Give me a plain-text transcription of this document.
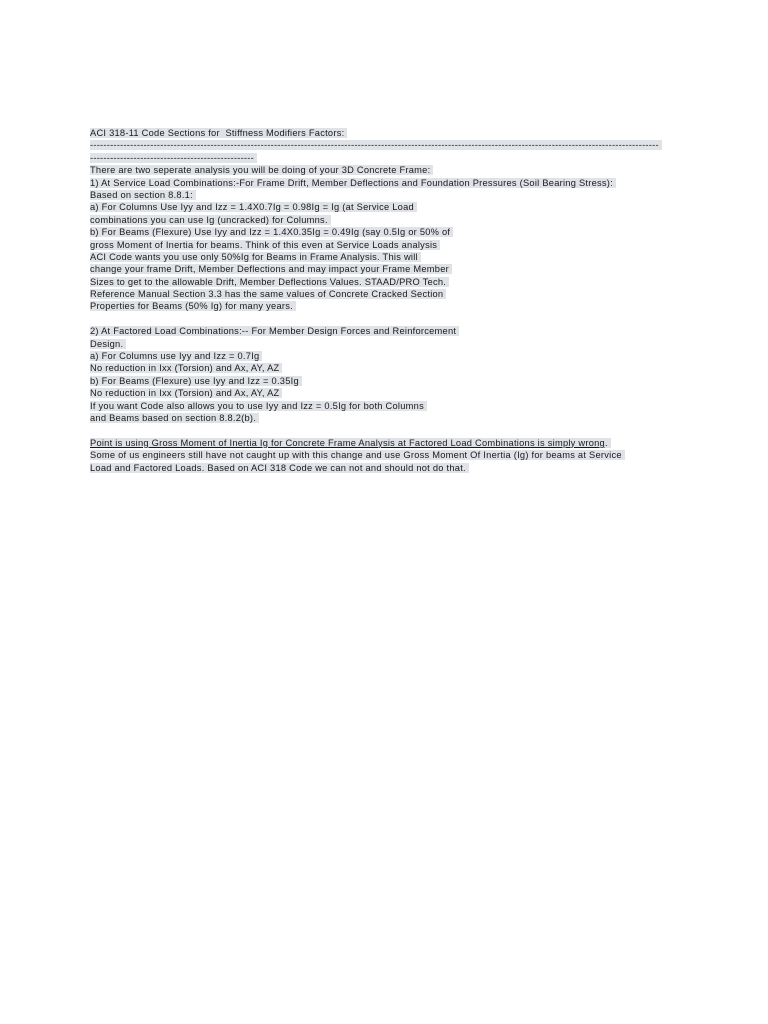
ACI 318-11 Code Sections for  Stiffness Modifiers Factors:
--------------------------------------------------------------------------------------------------------------------------------------------------------------------------
-------------------------------------------------
There are two seperate analysis you will be doing of your 3D Concrete Frame:
1) At Service Load Combinations:-For Frame Drift, Member Deflections and Foundation Pressures (Soil Bearing Stress):
Based on section 8.8.1:
a) For Columns Use Iyy and Izz = 1.4X0.7Ig = 0.98Ig = Ig (at Service Load
combinations you can use Ig (uncracked) for Columns.
b) For Beams (Flexure) Use Iyy and Izz = 1.4X0.35Ig = 0.49Ig (say 0.5Ig or 50% of
gross Moment of Inertia for beams. Think of this even at Service Loads analysis
ACI Code wants you use only 50%Ig for Beams in Frame Analysis. This will
change your frame Drift, Member Deflections and may impact your Frame Member
Sizes to get to the allowable Drift, Member Deflections Values. STAAD/PRO Tech.
Reference Manual Section 3.3 has the same values of Concrete Cracked Section
Properties for Beams (50% Ig) for many years.
2) At Factored Load Combinations:-- For Member Design Forces and Reinforcement
Design.
a) For Columns use Iyy and Izz = 0.7Ig
No reduction in Ixx (Torsion) and Ax, AY, AZ
b) For Beams (Flexure) use Iyy and Izz = 0.35Ig
No reduction in Ixx (Torsion) and Ax, AY, AZ
If you want Code also allows you to use Iyy and Izz = 0.5Ig for both Columns
and Beams based on section 8.8.2(b).
Point is using Gross Moment of Inertia Ig for Concrete Frame Analysis at Factored Load Combinations is simply wrong.
Some of us engineers still have not caught up with this change and use Gross Moment Of Inertia (Ig) for beams at Service
Load and Factored Loads. Based on ACI 318 Code we can not and should not do that.
